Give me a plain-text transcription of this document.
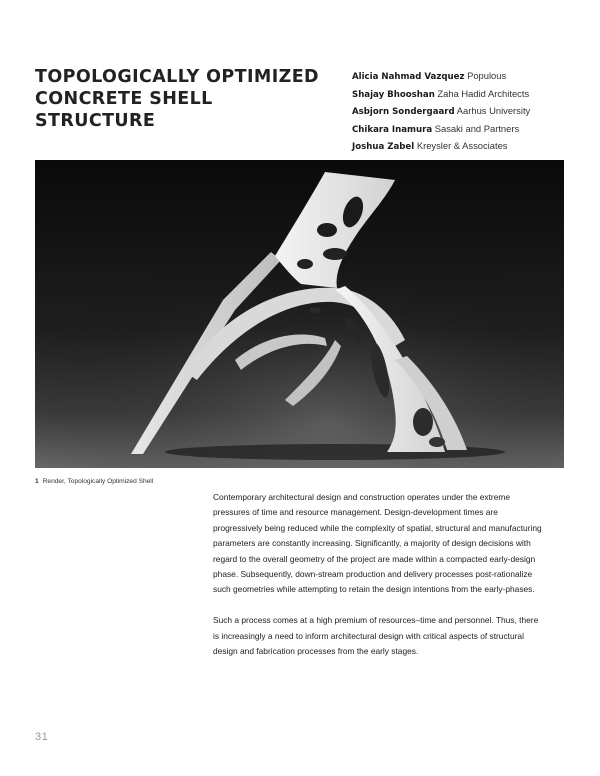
TOPOLOGICALLY OPTIMIZED
CONCRETE SHELL STRUCTURE
Alicia Nahmad Vazquez Populous
Shajay Bhooshan Zaha Hadid Architects
Asbjorn Sondergaard Aarhus University
Chikara Inamura Sasaki and Partners
Joshua Zabel Kreysler & Associates
1 Render, Topologically Optimized Shell

Contemporary architectural design and construction operates under the extreme pressures of time and resource management. Design-development times are progressively being reduced while the complexity of spatial, structural and manufacturing parameters are constantly increasing. Significantly, a majority of design decisions with regard to the overall geometry of the project are made within a compacted early-design phase. Subsequently, down-stream production and delivery processes post-rationalize such geometries while attempting to retain the design intentions from the early-phases.

Such a process comes at a high premium of resources–time and personnel. Thus, there is increasingly a need to inform architectural design with critical aspects of structural design and fabrication processes from the early stages.

31
